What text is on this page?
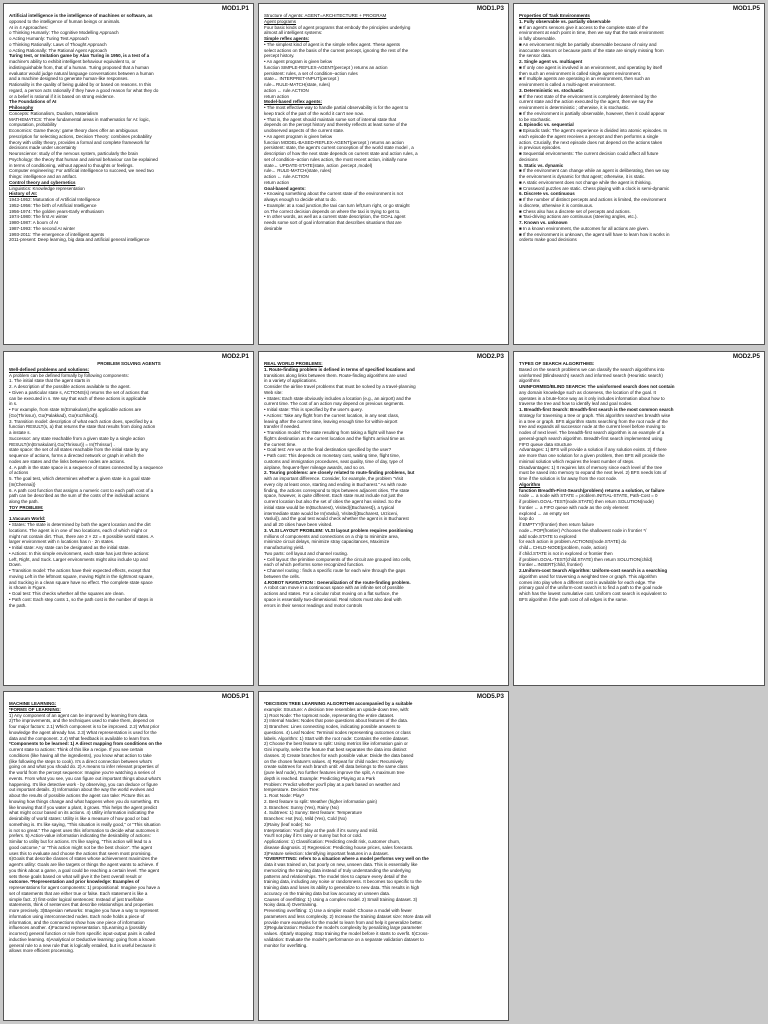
MOD1.P1
Artificial intelligence is the intelligence of machines or software, as
opposed to the intelligence of human beings or animals.
AI in 4 Approaches:
o Thinking Humanly: The cognitive Modelling Approach
o Acting Humanly: Turing Test Approach
o Thinking Rationally: Laws of Thought Approach
o Acting Rationally: The Rational Agent Approach
Turing test, or Imitation game by Alan Turing in 1950, is a test of a
machine's ability to exhibit intelligent behaviour equivalent to, or
indistinguishable from, that of a human. Turing proposed that a human
evaluator would judge natural language conversations between a human
and a machine designed to generate human-like responses.
Rationality is the quality of being guided by or based on reasons. In this
regard, a person acts rationally if they have a good reason for what they do
or a belief is rational if it is based on strong evidence.
The Foundations of AI
Philosophy
Concepts: Rationalism, Dualism, Materialism
MATHEMATICS: Three fundamental areas in mathematics for AI: logic,
computation, probability
Economics: Game theory: game theory does offer an ambiguous
prescription for selecting actions, Decision Theory: combines probability
theory with utility theory, provides a formal and complete framework for
decisions made under uncertainty
Neuroscience: study of the nervous system, particularly the brain
Psychology: the theory that human and animal behaviour can be explained
in terms of conditioning, without appeal to thoughts or feelings.
Computer engineering: For artificial intelligence to succeed, we need two
things: intelligence and an artifact.
Control theory and cybernetics
Linguistics: Knowledge representation
History of AI:
1943-1952: Maturation of Artificial Intelligence
1952-1956: The birth of Artificial Intelligence
1956-1974: The golden years-Early enthusiasm
1974-1980: The first AI winter
1980-1987: A boom of AI
1987-1993: The second AI winter
1993-2011: The emergence of intelligent agents
2011-present: Deep learning, big data and artificial general intelligence
MOD1.P3
Structure of Agents: AGENT=ARCHITECTURE + PROGRAM
Agent programs
Four basic kinds of agent programs that embody the principles underlying
almost all intelligent systems:
Simple reflex agents:
• The simplest kind of agent is the simple reflex agent. These agents
select actions on the basis of the current percept, ignoring the rest of the
percept history.
• An agent program is given below
function SIMPLE-REFLEX-AGENT(percept ) returns an action
persistent: rules, a set of condition–action rules
state← INTERPRET-INPUT(percept )
rule←RULE-MATCH(state, rules)
action ← rule.ACTION
return action
Model-based reflex agents:
• The most effective way to handle partial observability is for the agent to
keep track of the part of the world it can't see now.
• That is, the agent should maintain some sort of internal state that
depends on the percept history and thereby reflects at least some of the
unobserved aspects of the current state.
• An agent program is given below
function MODEL-BASED-REFLEX-AGENT(percept ) returns an action
persistent: state, the agent's current conception of the world state model , a
description of how the next state depends on current state and action rules, a
set of condition–action rules action, the most recent action, initially none
state← UPDATE-STATE(state, action ,percept ,model)
rule← RULE-MATCH(state, rules)
action ← rule.ACTION
return action
Goal-based agents:
• Knowing something about the current state of the environment is not
always enough to decide what to do.
• Example: at a road junction,the taxi can turn left,turn right, or go straight
on.The correct decision depends on where the taxi is trying to get to.
• In other words, as well as a current state description, the GOAL agent
needs some sort of goal information that describes situations that are
desirable
MOD1.P5
Properties Of Task Environments
1. Fully observable vs. partially observable
■ If an agent's sensors give it access to the complete state of the
environment at each point in time, then we say that the task environment
is fully observable.
■ An environment might be partially observable because of noisy and
inaccurate sensors or because parts of the state are simply missing from
the sensor data.
2. Single agent vs. multiagent
■ If only one agent is involved in an environment, and operating by itself
then such an environment is called single agent environment.
■ If multiple agents are operating in an environment, then such an
environment is called a multi-agent environment.
3. Deterministic vs. stochastic
■ If the next state of the environment is completely determined by the
current state and the action executed by the agent, then we say the
environment is deterministic ; otherwise, it is stochastic.
■ If the environment is partially observable, however, then it could appear
to be stochastic.
4. Episodic vs. sequential
■ Episodic task: The agent's experience is divided into atomic episodes. In
each episode the agent receives a percept and then performs a single
action. Crucially, the next episode does not depend on the actions taken
in previous episodes.
■ Sequential environments: The current decision could affect all future
decisions
5. Static vs. dynamic
■ If the environment can change while an agent is deliberating, then we say
the environment is dynamic for that agent; otherwise, it is static.
■ A static environment does not change while the agent is thinking.
■ Crossword puzzles are static. Chess playing with a clock is semi-dynamic
6. Discrete vs. continuous
■ If the number of distinct percepts and actions is limited, the environment
is discrete, otherwise it is continuous.
■ Chess also has a discrete set of percepts and actions.
■ Taxi-driving actions are continuous (steering angles, etc.).
7. Known vs. unknown
■ In a known environment, the outcomes for all actions are given.
■ If the environment is unknown, the agent will have to learn how it works in
orderto make good decisions
MOD2.P1
PROBLEM SOLVING AGENTS
Well-defined problems and solutions:
A problem can be defined formally by following components:
1. The initial state that the agent starts in
2. A description of the possible actions available to the agent.
• Given a particular state s, ACTIONS(s) returns the set of actions that
can be executed in s. We say that each of these actions is applicable
in s.
• For example, from state In(Ernakulam),the applicable actions are
{Go(Thrissur), Go(Palakkad), Go(Kozhikod)}.
3. Transition model: description of what each action does, specified by a
function RESULT(s, a) that returns the state that results from doing action
a instate s.
Successor: any state reachable from a given state by a single action
RESULT(In(Ernakulam),Go(Thrissur)) = In(Thrissur) .
state space: the set of all states reachable from the initial state by any
sequence of actions, forms a directed network or graph in which the
nodes are states and the links between nodes are actions.
4. A path in the state space is a sequence of states connected by a sequence
of actions
5. The goal test, which determines whether a given state is a goal state
{In(Chennai)}
6. A path cost function that assigns a numeric cost to each path cost of a
path can be described as the sum of the costs of the individual actions
along the path.
TOY PROBLEM:

1.Vacuum World:
• States: The state is determined by both the agent location and the dirt
locations. The agent is in one of two locations, each of which might or
might not contain dirt. Thus, there are 2 × 22 = 8 possible world states. A
larger environment with n locations has n · 2n states.
• Initial state: Any state can be designated as the initial state.
• Actions: In this simple environment, each state has just three actions:
Left, Right, and Suck. Larger environments might also include Up and
Down.
• Transition model: The actions have their expected effects, except that
moving Left in the leftmost square, moving Right in the rightmost square,
and Sucking in a clean square have no effect. The complete state space
is shown in Figure.
• Goal test: This checks whether all the squares are clean.
• Path cost: Each step costs 1, so the path cost is the number of steps in
the path.
MOD2.P3
REAL WORLD PROBLEMS:
1. Route-finding problem is defined in terms of specified locations and
transitions along links between them. Route-finding algorithms are used
in a variety of applications.
Consider the airline travel problems that must be solved by a travel-planning
Web site:
• States: Each state obviously includes a location (e.g., an airport) and the
current time. The cost of an action may depend on previous segments.
• Initial state: This is specified by the user's query.
• Actions: Take any flight from the current location, in any seat class,
leaving after the current time, leaving enough time for within-airport
transfer if needed.
• Transition model: The state resulting from taking a flight will have the
flight's destination as the current location and the flight's arrival time as
the current time.
• Goal test: Are we at the final destination specified by the user?
• Path cost: This depends on monetary cost, waiting time, flight time,
customs and immigration procedures, seat quality, time of day, type of
airplane, frequent-flyer mileage awards, and so on.
2. Touring problems: are closely related to route-finding problems, but
with an important difference. Consider, for example, the problem "Visit
every city at least once, starting and ending in Bucharest." As with route
finding, the actions correspond to trips between adjacent cities. The state
space, however, is quite different. Each state must include not just the
current location but also the set of cities the agent has visited. So the
initial state would be In(Bucharest), Visited({Bucharest}), a typical
intermediate state would be In(Vaslui), Visited({Bucharest, Urziceni,
Vaslui}), and the goal test would check whether the agent is in Bucharest
and all 20 cities have been visited.
3. VLSI LAYOUT PROBLEM: VLSI layout problem requires positioning
millions of components and connections on a chip to minimize area,
minimize circuit delays, minimize stray capacitances, Maximize
manufacturing yield.
Two parts: cell layout and channel routing.
• Cell layout: the primitive components of the circuit are grouped into cells,
each of which performs some recognized function.
• Channel routing : finds a specific route for each wire through the gaps
between the cells.
4.ROBOT NAVIGATION : Generalization of the route-finding problem.
A robot can move in a continuous space with an infinite set of possible
actions and states. For a circular robot moving on a flat surface, the
space is essentially two-dimensional. Real robots must also deal with
errors in their sensor readings and motor controls
MOD2.P5
TYPES OF SEARCH ALGORITHMS:
Based on the search problems we can classify the search algorithms into
uninformed (Blindsearch) search and informed search (Heuristic search)
algorithms
UNINFORMED/BLIND SEARCH: The uninformed search does not contain
any domain knowledge such as closeness, the location of the goal. It
operates in a brute-force way as it only includes information about how to
traverse the tree and how to identify leaf and goal nodes.
1. Breadth-first Search: Breadth-first search is the most common search
strategy for traversing a tree or graph. This algorithm searches breadth wise
in a tree or graph. BFS algorithm starts searching from the root node of the
tree and expands all successor node at the current level before moving to
nodes of next level. The breadth-first search algorithm is an example of a
general-graph search algorithm. Breadth-first search implemented using
FIFO queue data structure
Advantages: 1) BFS will provide a solution if any solution exists. 2) If there
are more than one solution for a given problem, then BFS will provide the
minimal solution which requires the least number of steps.
Disadvantages: 1) It requires lots of memory since each level of the tree
must be saved into memory to expand the next level. 2) BFS needs lots of
time if the solution is far away from the root node.
Algorithm
function Breadth-First-Search(problem) returns a solution, or failure
node ← a node with STATE = problem.INITIAL-STATE, Path-Cost = 0
if problem.GOAL-TEST(node.STATE) then return SOLUTION(node)
frontier ← a FIFO queue with node as the only element
explored ← an empty set
loop do
if EMPTY?(frontier) then return failure
node←POP(frontier) /*chooses the shallowest node in frontier */
add node.STATE to explored
for each action in problem.ACTIONS(node.STATE) do
child←CHILD-NODE(problem, node, action)
if child.STATE is not in explored or frontier then
if problem.GOAL-TEST(child.STATE) then return SOLUTION(child)
frontier←INSERT(child, frontier)
2.Uniform-cost Search Algorithm: Uniform-cost search is a searching
algorithm used for traversing a weighted tree or graph. This algorithm
comes into play when a different cost is available for each edge. The
primary goal of the uniform-cost search is to find a path to the goal node
which has the lowest cumulative cost. Uniform cost search is equivalent to
BFS algorithm if the path cost of all edges is the same.
MOD5.P1
MACHINE LEARNING:
*FORMS OF LEARNING:
1) Any component of an agent can be improved by learning from data.
2)The improvements, and the techniques used to make them, depend on
four major factors: 2.1) Which component is to be improved. 2.2) What prior
knowledge the agent already has. 2.3) What representation is used for the
data and the component. 2.4) What feedback is available to learn from.
*Components to be learned: 1) A direct mapping from conditions on the
current state to actions: Think of this like a recipe. If you see certain
conditions (like having all the ingredients), you know what action to take
(like following the steps to cook). It's a direct connection between what's
going on and what you should do. 2) A means to infer relevant properties of
the world from the percept sequence: Imagine you're watching a series of
events. From what you see, you can figure out important things about what's
happening. It's like detective work - by observing, you can deduce or figure
out important details. 3) Information about the way the world evolves and
about the results of possible actions the agent can take: Picture this as
knowing how things change and what happens when you do something. It's
like knowing that if you water a plant, it grows. This helps the agent predict
what might occur based on its actions. 4) Utility information indicating the
desirability of world states: Utility is like a measure of how good or bad
something is. It's like saying, "This situation is really good," or "This situation
is not so great." The agent uses this information to decide what outcomes it
prefers. 5) Action-value information indicating the desirability of actions:
Similar to utility but for actions. It's like saying, "This action will lead to a
good outcome," or "This action might not be the best choice". The agent
uses this to evaluate and choose the actions that seem most promising.
6)Goals that describe classes of states whose achievement maximizes the
agent's utility: Goals are like targets or things the agent wants to achieve. If
you think about a game, a goal could be reaching a certain level. The agent
sets these goals based on what will give it the best overall result or
outcome. *Representation and prior knowledge: Examples of
representations for agent components: 1) propositional: Imagine you have a
set of statements that are either true or false. Each statement is like a
simple fact. 2) first-order logical sentences: Instead of just true/false
statements, think of sentences that describe relationships and properties
more precisely. 3)Bayesian networks: Imagine you have a way to represent
information using interconnected nodes. Each node holds a piece of
information, and the connections show how one piece of information
influences another. 4)Factored representation. 5)Learning a (possibly
incorrect) general function or rule from specific input-output pairs is called
inductive learning. 6)Analytical or Deductive learning: going from a known
general rule to a new rule that is logically entailed, but is useful because it
allows more efficient processing.
MOD5.P3
*DECISION TREE LEARNING ALGORITHM accompanied by a suitable
example: Structure: A decision tree resembles an upside-down tree, with:
1) Root Node: The topmost node, representing the entire dataset.
2) Internal Nodes: Nodes that pose questions about features of the data.
3) Branches: Lines connecting nodes, indicating possible answers to
questions. 4) Leaf Nodes: Terminal nodes representing outcomes or class
labels. Algorithm: 1) Start with the root node: Contains the entire dataset.
2) Choose the best feature to split: Using metrics like information gain or
Gini impurity, select the feature that best separates the data into distinct
classes. 3) Create branches for each possible value: Divide the data based
on the chosen feature's values. 4) Repeat for child nodes: Recursively
create subtrees for each branch until: All data belongs to the same class
(pure leaf node), No further features improve the split, A maximum tree
depth is reached. Example: Predicting Playing at a Park
Problem: Predict whether you'll play at a park based on weather and
temperature. Decision Tree:
1. Root Node: Play?
2. Best feature to split: Weather (higher information gain)
3. Branches: Sunny (Yes), Rainy (No)
4. Subtrees: 1) Sunny: Best feature: Temperature
Branches: Hot (No), Mild (Yes), Cold (No)
2)Rainy (leaf node): No
Interpretation: You'll play at the park if it's sunny and mild.
You'll not play if it's rainy or sunny but hot or cold.
Applications: 1) Classification: Predicting credit risk, customer churn,
disease diagnosis. 2) Regression: Predicting house prices, sales forecasts.
3)Feature selection: Identifying important features in a dataset.
*OVERFITTING: refers to a situation where a model performs very well on the
data it was trained on, but poorly on new, unseen data. This is essentially like
memorizing the training data instead of truly understanding the underlying
patterns and relationships. The model tries to capture every detail of the
training data, including any noise or randomness. It becomes too specific to the
training data and loses its ability to generalize to new data. This results in high
accuracy on the training data but low accuracy on unseen data.
Causes of overfitting: 1) Using a complex model. 2) Small training dataset. 3)
Noisy data.4) Overtraining.
Preventing overfitting: 1) Use a simpler model: Choose a model with fewer
parameters and less complexity. 2) Increase the training dataset size: More data will
provide more examples for the model to learn from and help it generalize better.
3)Regularization: Reduce the model's complexity by penalizing large parameter
values. 4)Early stopping: Stop training the model before it starts to overfit. 5)Cross-
validation: Evaluate the model's performance on a separate validation dataset to
monitor for overfitting.
